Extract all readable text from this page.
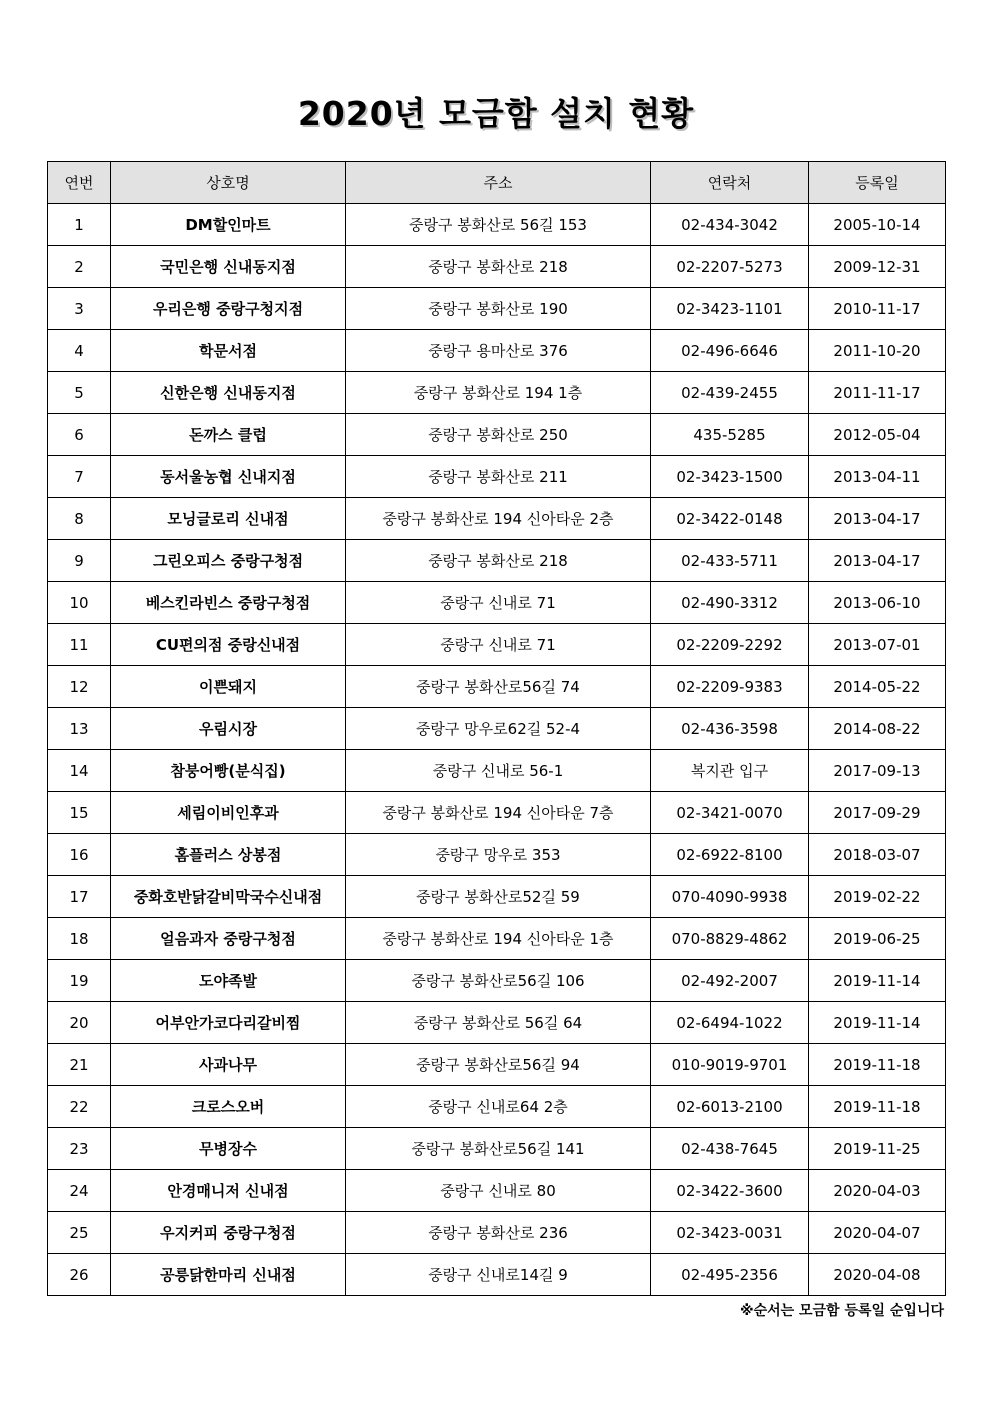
2020년 모금함 설치 현황
연번	상호명	주소	연락처	등록일
1	DM할인마트	중랑구 봉화산로 56길 153	02-434-3042	2005-10-14
2	국민은행 신내동지점	중랑구 봉화산로 218	02-2207-5273	2009-12-31
3	우리은행 중랑구청지점	중랑구 봉화산로 190	02-3423-1101	2010-11-17
4	학문서점	중랑구 용마산로 376	02-496-6646	2011-10-20
5	신한은행 신내동지점	중랑구 봉화산로 194 1층	02-439-2455	2011-11-17
6	돈까스 클럽	중랑구 봉화산로 250	435-5285	2012-05-04
7	동서울농협 신내지점	중랑구 봉화산로 211	02-3423-1500	2013-04-11
8	모닝글로리 신내점	중랑구 봉화산로 194 신아타운 2층	02-3422-0148	2013-04-17
9	그린오피스 중랑구청점	중랑구 봉화산로 218	02-433-5711	2013-04-17
10	베스킨라빈스 중랑구청점	중랑구 신내로 71	02-490-3312	2013-06-10
11	CU편의점 중랑신내점	중랑구 신내로 71	02-2209-2292	2013-07-01
12	이쁜돼지	중랑구 봉화산로56길 74	02-2209-9383	2014-05-22
13	우림시장	중랑구 망우로62길 52-4	02-436-3598	2014-08-22
14	참붕어빵(분식집)	중랑구 신내로 56-1	복지관 입구	2017-09-13
15	세림이비인후과	중랑구 봉화산로 194 신아타운 7층	02-3421-0070	2017-09-29
16	홈플러스 상봉점	중랑구 망우로 353	02-6922-8100	2018-03-07
17	중화호반닭갈비막국수신내점	중랑구 봉화산로52길 59	070-4090-9938	2019-02-22
18	얼음과자 중랑구청점	중랑구 봉화산로 194 신아타운 1층	070-8829-4862	2019-06-25
19	도야족발	중랑구 봉화산로56길 106	02-492-2007	2019-11-14
20	어부안가코다리갈비찜	중랑구 봉화산로 56길 64	02-6494-1022	2019-11-14
21	사과나무	중랑구 봉화산로56길 94	010-9019-9701	2019-11-18
22	크로스오버	중랑구 신내로64 2층	02-6013-2100	2019-11-18
23	무병장수	중랑구 봉화산로56길 141	02-438-7645	2019-11-25
24	안경매니저 신내점	중랑구 신내로 80	02-3422-3600	2020-04-03
25	우지커피 중랑구청점	중랑구 봉화산로 236	02-3423-0031	2020-04-07
26	공릉닭한마리 신내점	중랑구 신내로14길 9	02-495-2356	2020-04-08
※순서는 모금함 등록일 순입니다
